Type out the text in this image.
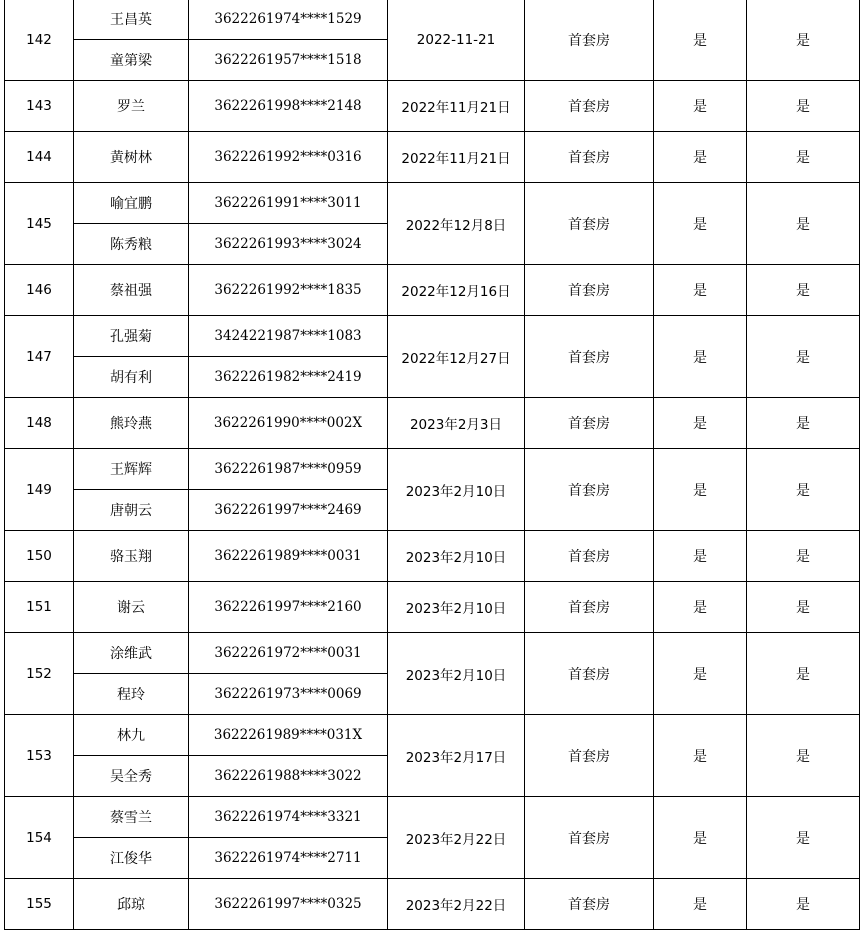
142	王昌英	3622261974****1529	2022-11-21	首套房	是	是
	童第梁	3622261957****1518				
143	罗兰	3622261998****2148	2022年11月21日	首套房	是	是
144	黄树林	3622261992****0316	2022年11月21日	首套房	是	是
145	喻宜鹏	3622261991****3011	2022年12月8日	首套房	是	是
	陈秀粮	3622261993****3024				
146	蔡祖强	3622261992****1835	2022年12月16日	首套房	是	是
147	孔强菊	3424221987****1083	2022年12月27日	首套房	是	是
	胡有利	3622261982****2419				
148	熊玲燕	3622261990****002X	2023年2月3日	首套房	是	是
149	王辉辉	3622261987****0959	2023年2月10日	首套房	是	是
	唐朝云	3622261997****2469				
150	骆玉翔	3622261989****0031	2023年2月10日	首套房	是	是
151	谢云	3622261997****2160	2023年2月10日	首套房	是	是
152	涂维武	3622261972****0031	2023年2月10日	首套房	是	是
	程玲	3622261973****0069				
153	林九	3622261989****031X	2023年2月17日	首套房	是	是
	吴全秀	3622261988****3022				
154	蔡雪兰	3622261974****3321	2023年2月22日	首套房	是	是
	江俊华	3622261974****2711				
155	邱琼	3622261997****0325	2023年2月22日	首套房	是	是
